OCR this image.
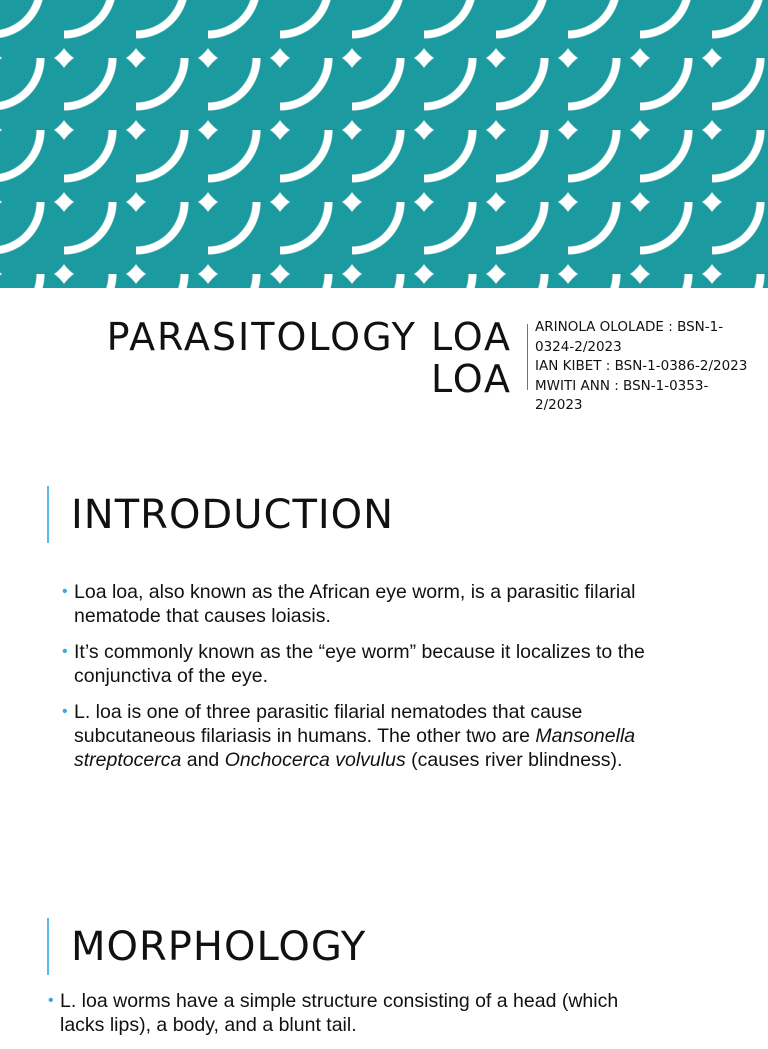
PARASITOLOGY LOA
LOA
ARINOLA OLOLADE : BSN-1-
0324-2/2023
IAN KIBET : BSN-1-0386-2/2023
MWITI ANN : BSN-1-0353-
2/2023
INTRODUCTION
• Loa loa, also known as the African eye worm, is a parasitic filarial nematode that causes loiasis.
• It’s commonly known as the “eye worm” because it localizes to the conjunctiva of the eye.
• L. loa is one of three parasitic filarial nematodes that cause subcutaneous filariasis in humans. The other two are Mansonella streptocerca and Onchocerca volvulus (causes river blindness).
MORPHOLOGY
• L. loa worms have a simple structure consisting of a head (which lacks lips), a body, and a blunt tail.
